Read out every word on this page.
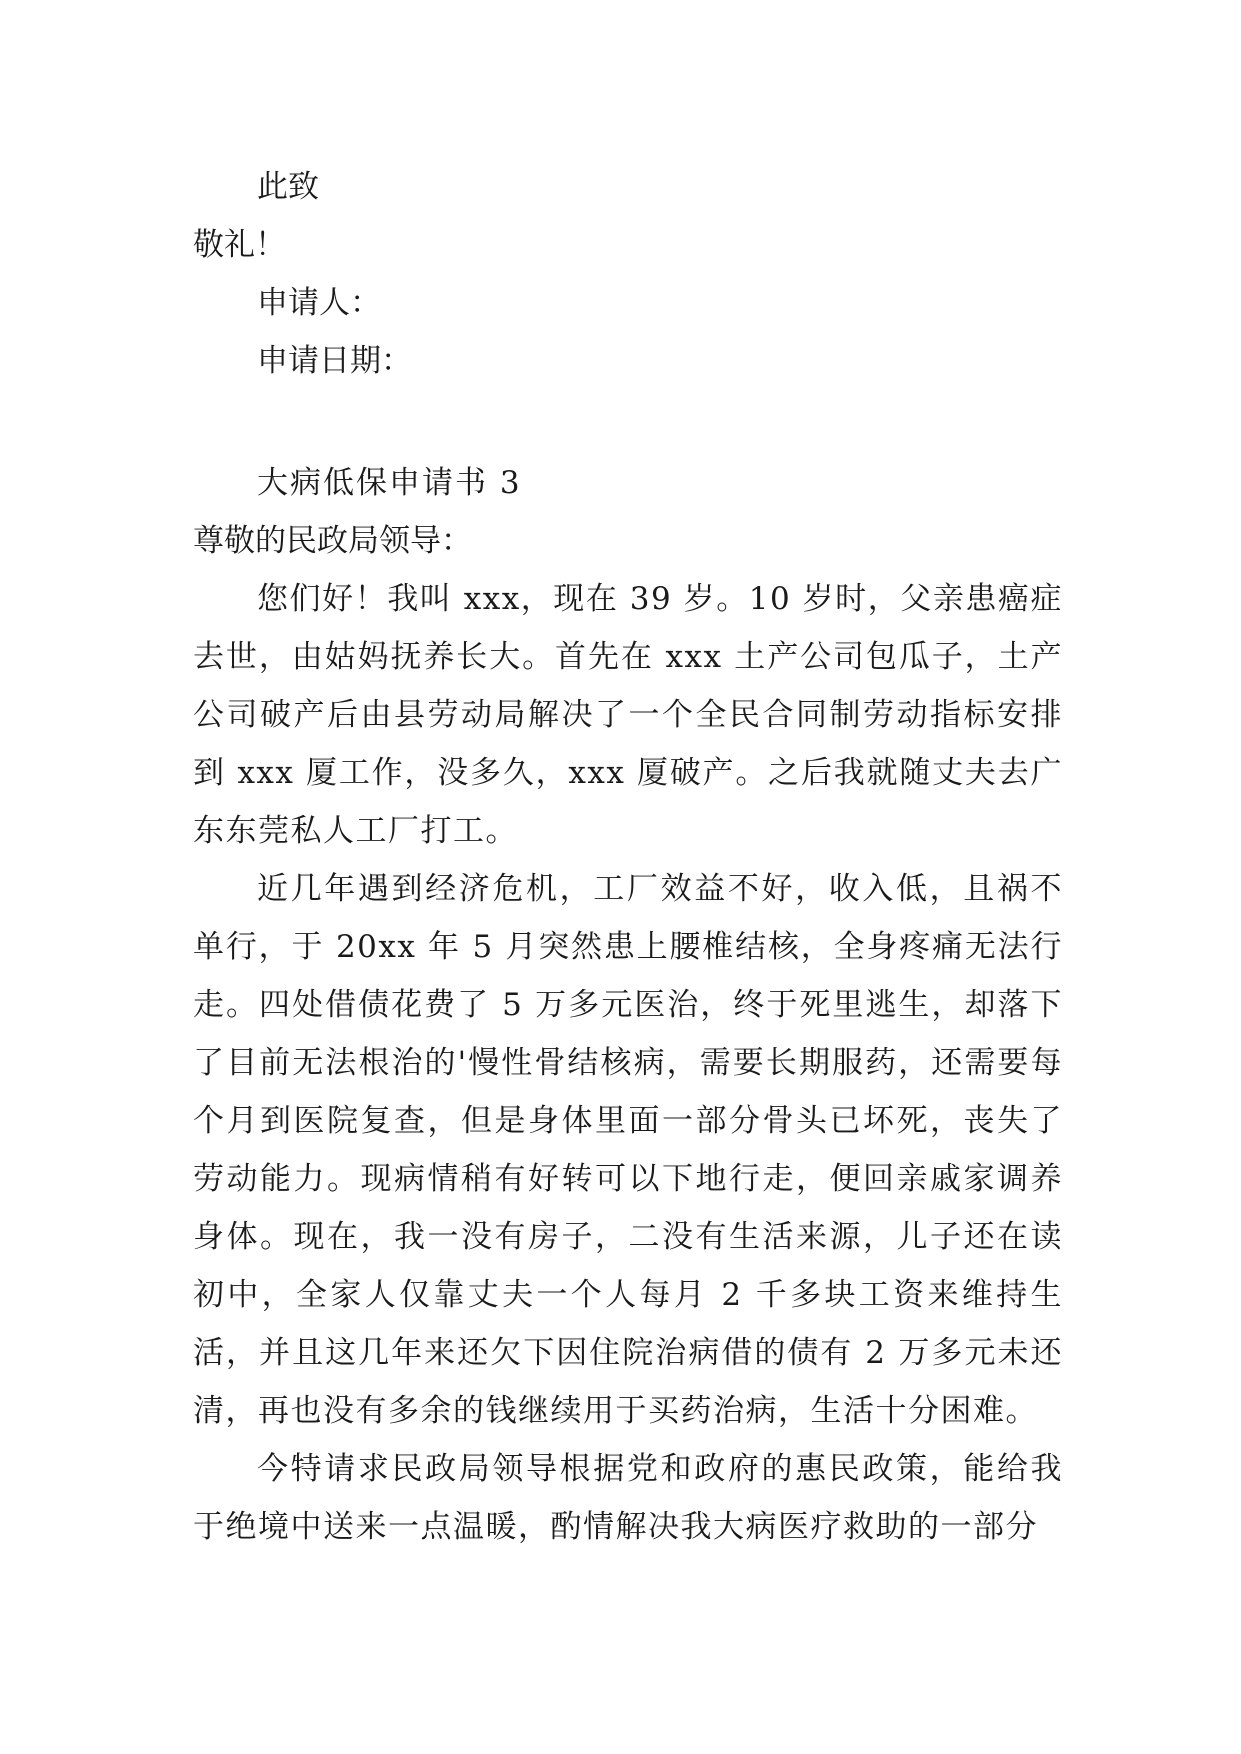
此致
敬礼！
申请人：
申请日期：
大病低保申请书 3
尊敬的民政局领导：
您们好！我叫 xxx，现在 39 岁。10 岁时，父亲患癌症去世，由姑妈抚养长大。首先在 xxx 土产公司包瓜子，土产公司破产后由县劳动局解决了一个全民合同制劳动指标安排到 xxx 厦工作，没多久，xxx 厦破产。之后我就随丈夫去广东东莞私人工厂打工。
近几年遇到经济危机，工厂效益不好，收入低，且祸不单行，于 20xx 年 5 月突然患上腰椎结核，全身疼痛无法行走。四处借债花费了 5 万多元医治，终于死里逃生，却落下了目前无法根治的'慢性骨结核病，需要长期服药，还需要每个月到医院复查，但是身体里面一部分骨头已坏死，丧失了劳动能力。现病情稍有好转可以下地行走，便回亲戚家调养身体。现在，我一没有房子，二没有生活来源，儿子还在读初中，全家人仅靠丈夫一个人每月 2 千多块工资来维持生活，并且这几年来还欠下因住院治病借的债有 2 万多元未还清，再也没有多余的钱继续用于买药治病，生活十分困难。
今特请求民政局领导根据党和政府的惠民政策，能给我于绝境中送来一点温暖，酌情解决我大病医疗救助的一部分
